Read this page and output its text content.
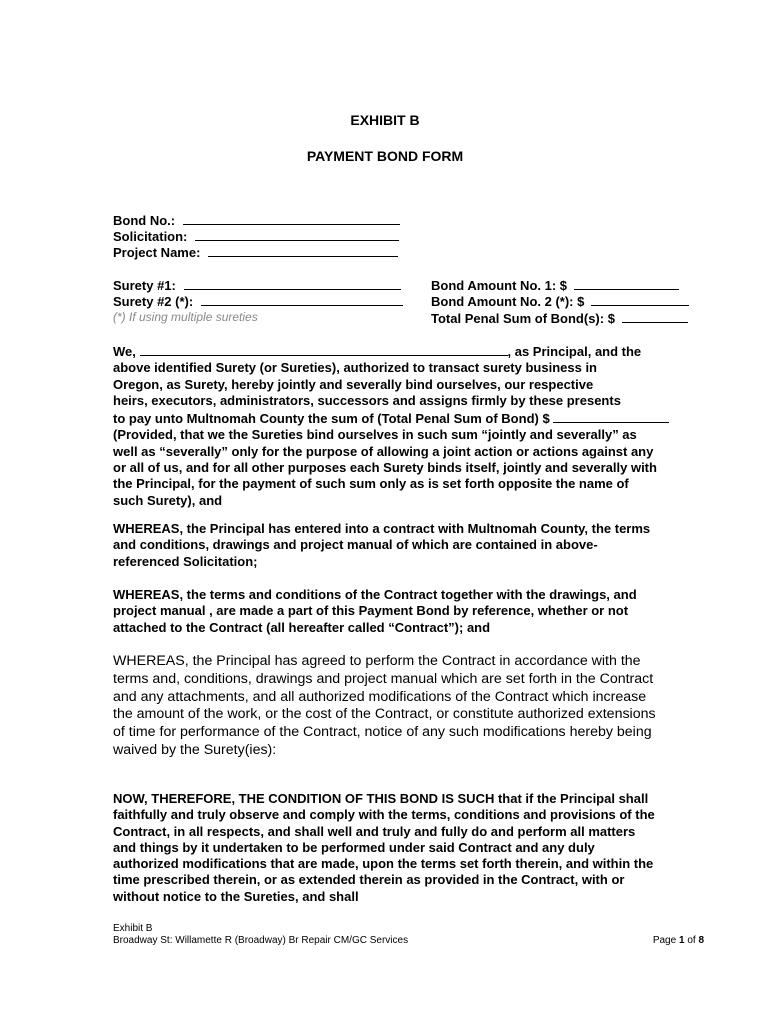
EXHIBIT B
PAYMENT BOND FORM
Bond No.:
Solicitation:
Project Name:
Surety #1:
Surety #2 (*):
(*) If using multiple sureties
Bond Amount No. 1: $
Bond Amount No. 2 (*): $
Total Penal Sum of Bond(s): $
We,	, as Principal, and the
above identified Surety (or Sureties), authorized to transact surety business in
Oregon, as Surety, hereby jointly and severally bind ourselves, our respective
heirs, executors, administrators, successors and assigns firmly by these presents
to pay unto Multnomah County the sum of (Total Penal Sum of Bond) $
(Provided, that we the Sureties bind ourselves in such sum “jointly and severally” as well as “severally” only for the purpose of allowing a joint action or actions against any or all of us, and for all other purposes each Surety binds itself, jointly and severally with the Principal, for the payment of such sum only as is set forth opposite the name of such Surety), and
WHEREAS, the Principal has entered into a contract with Multnomah County, the terms and conditions, drawings and project manual of which are contained in above-referenced Solicitation;
WHEREAS, the terms and conditions of the Contract together with the drawings, and project manual , are made a part of this Payment Bond by reference, whether or not attached to the Contract (all hereafter called “Contract”); and
WHEREAS, the Principal has agreed to perform the Contract in accordance with the terms and, conditions, drawings and project manual which are set forth in the Contract and any attachments, and all authorized modifications of the Contract which increase the amount of the work, or the cost of the Contract, or constitute authorized extensions of time for performance of the Contract, notice of any such modifications hereby being waived by the Surety(ies):
NOW, THEREFORE, THE CONDITION OF THIS BOND IS SUCH that if the Principal shall faithfully and truly observe and comply with the terms, conditions and provisions of the Contract, in all respects, and shall well and truly and fully do and perform all matters and things by it undertaken to be performed under said Contract and any duly authorized modifications that are made, upon the terms set forth therein, and within the time prescribed therein, or as extended therein as provided in the Contract, with or without notice to the Sureties, and shall
Exhibit B
Broadway St: Willamette R (Broadway) Br Repair CM/GC Services	Page 1 of 8
